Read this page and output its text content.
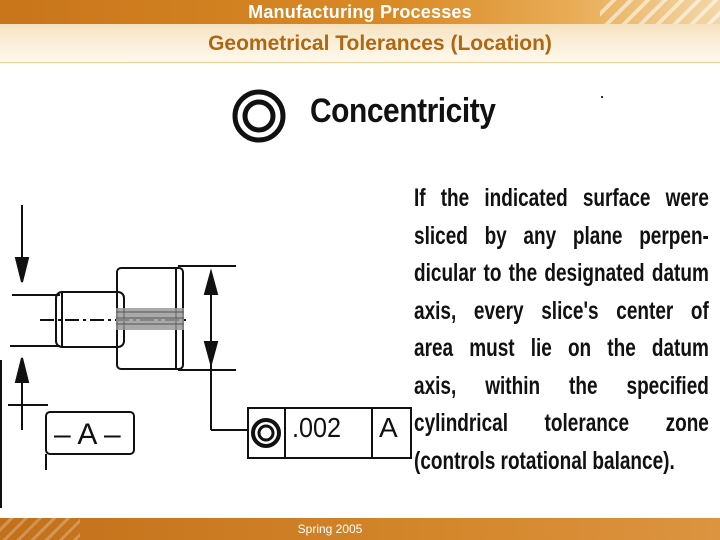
Manufacturing Processes
Geometrical Tolerances (Location)
Concentricity
If the indicated surface were
sliced by any plane perpen-
dicular to the designated datum
axis, every slice's center of
area must lie on the datum
axis, within the specified
cylindrical tolerance zone
(controls rotational balance).
.002 A
– A –
Spring 2005
